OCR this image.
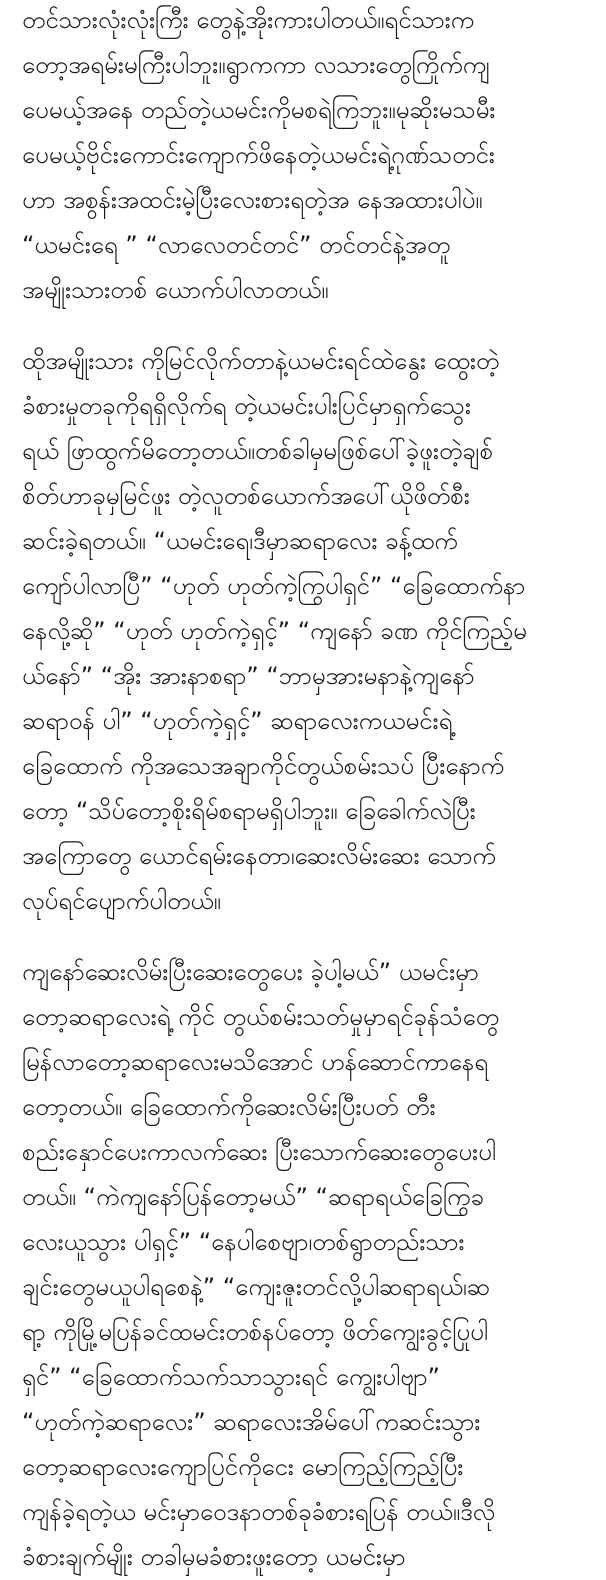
တင်သားလုံးလုံးကြီး တွေနဲ့အိုးကားပါတယ်။ရင်သားက
တော့အရမ်းမကြီးပါဘူး။ရွာကကာ လသားတွေကြိုက်ကျ
ပေမယ့်အနေ တည်တဲ့ယမင်းကိုမစရဲကြဘူး။မုဆိုးမသမီး
ပေမယ့်ဗိုင်းကောင်းကျောက်ဖိနေတဲ့ယမင်းရဲ့ဂုဏ်သတင်း
ဟာ အစွန်းအထင်းမဲ့ပြီးလေးစားရတဲ့အ နေအထားပါပဲ။
“ယမင်းရေ ” “လာလေတင်တင်” တင်တင်နဲ့အတူ
အမျိုးသားတစ် ယောက်ပါလာတယ်။

ထိုအမျိုးသား ကိုမြင်လိုက်တာနဲ့ယမင်းရင်ထဲနွေး ထွေးတဲ့
ခံစားမှုတခုကိုရရှိလိုက်ရ တဲ့ယမင်းပါးပြင်မှာရှက်သွေး
ရယ် ဖြာထွက်မိတော့တယ်။တစ်ခါမှမဖြစ်ပေါ်ခဲ့ဖူးတဲ့ချစ်
စိတ်ဟာခုမှမြင်ဖူး တဲ့လူတစ်ယောက်အပေါ်ယိုဖိတ်စီး
ဆင်းခဲ့ရတယ်။ “ယမင်းရေ၊ဒီမှာဆရာလေး ခန့်ထက်
ကျော်ပါလာပြီ” “ဟုတ် ဟုတ်ကဲ့ကြွပါရှင်” “ခြေထောက်နာ
နေလို့ဆို” “ဟုတ် ဟုတ်ကဲ့ရှင့်” “ကျနော် ခဏ ကိုင်ကြည့်မ
ယ်နော်” “အိုး အားနာစရာ” “ဘာမှအားမနာနဲ့ကျနော်
ဆရာဝန် ပါ” “ဟုတ်ကဲ့ရှင့်” ဆရာလေးကယမင်းရဲ့
ခြေထောက် ကိုအသေအချာကိုင်တွယ်စမ်းသပ် ပြီးနောက်
တော့ “သိပ်တော့စိုးရိမ်စရာမရှိပါဘူး။ ခြေခေါက်လဲပြီး
အကြောတွေ ယောင်ရမ်းနေတာ၊ဆေးလိမ်းဆေး သောက်
လုပ်ရင်ပျောက်ပါတယ်။

ကျနော်ဆေးလိမ်းပြီးဆေးတွေပေး ခဲ့ပါ့မယ်” ယမင်းမှာ
တော့ဆရာလေးရဲ့ ကိုင် တွယ်စမ်းသတ်မှုမှာရင်ခုန်သံတွေ
မြန်လာတော့ဆရာလေးမသိအောင် ဟန်ဆောင်ကာနေရ
တော့တယ်။ ခြေထောက်ကိုဆေးလိမ်းပြီးပတ် တီး
စည်းနှောင်ပေးကာလက်ဆေး ပြီးသောက်ဆေးတွေပေးပါ
တယ်။ “ကဲကျနော်ပြန်တော့မယ်” “ဆရာရယ်ခြေကြွခ
လေးယူသွား ပါရှင့်” “နေပါစေဗျာ၊တစ်ရွာတည်းသား
ချင်းတွေမယူပါရစေနဲ့” “ကျေးဇူးတင်လို့ပါဆရာရယ်၊ဆ
ရာ့ ကိုမြို့မပြန်ခင်ထမင်းတစ်နပ်တော့ ဖိတ်ကျွေးခွင့်ပြုပါ
ရှင်” “ခြေထောက်သက်သာသွားရင် ကျွေးပါဗျာ”
“ဟုတ်ကဲ့ဆရာလေး” ဆရာလေးအိမ်ပေါ်ကဆင်းသွား
တော့ဆရာလေးကျောပြင်ကိုငေး မောကြည့်ကြည့်ပြီး
ကျန်ခဲ့ရတဲ့ယ မင်းမှာဝေဒနာတစ်ခုခံစားရပြန် တယ်။ဒီလို
ခံစားချက်မျိုး တခါမှမခံစားဖူးတော့ ယမင်းမှာ
